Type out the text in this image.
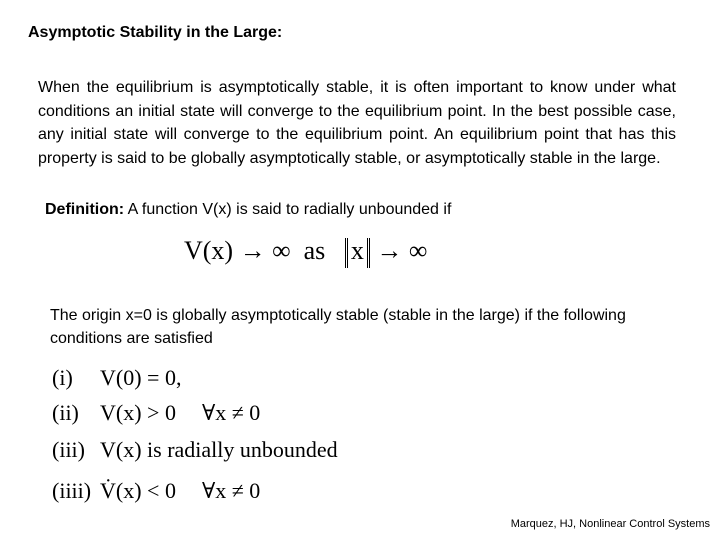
Asymptotic Stability in the Large:
When the equilibrium is asymptotically stable, it is often important to know under what conditions an initial state will converge to the equilibrium point. In the best possible case, any initial state will converge to the equilibrium point. An equilibrium point that has this property is said to be globally asymptotically stable, or asymptotically stable in the large.
Definition: A function V(x) is said to radially unbounded if
V(x) → ∞ as x → ∞
The origin x=0 is globally asymptotically stable (stable in the large) if the following conditions are satisfied
(i) V(0) = 0,
(ii) V(x) > 0 ∀x ≠ 0
(iii) V(x) is radially unbounded
(iiii) V̇(x) < 0 ∀x ≠ 0
Marquez, HJ, Nonlinear Control Systems
